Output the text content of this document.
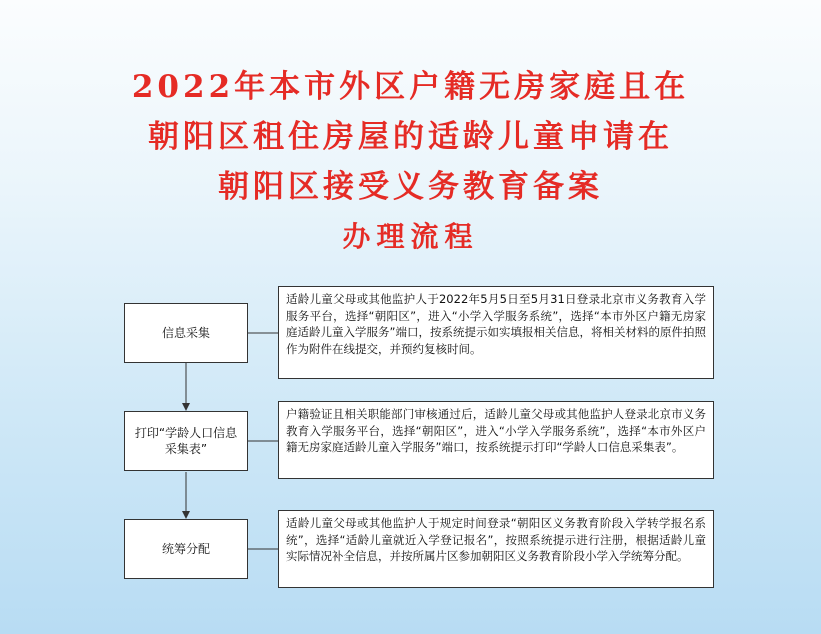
2022年本市外区户籍无房家庭且在
朝阳区租住房屋的适龄儿童申请在
朝阳区接受义务教育备案
办理流程
信息采集
适龄儿童父母或其他监护人于2022年5月5日至5月31日登录北京市义务教育入学服务平台，选择“朝阳区”，进入“小学入学服务系统”，选择“本市外区户籍无房家庭适龄儿童入学服务”端口，按系统提示如实填报相关信息，将相关材料的原件拍照作为附件在线提交，并预约复核时间。
打印“学龄人口信息采集表”
户籍验证且相关职能部门审核通过后，适龄儿童父母或其他监护人登录北京市义务教育入学服务平台，选择“朝阳区”，进入“小学入学服务系统”，选择“本市外区户籍无房家庭适龄儿童入学服务”端口，按系统提示打印“学龄人口信息采集表”。
统筹分配
适龄儿童父母或其他监护人于规定时间登录“朝阳区义务教育阶段入学转学报名系统”，选择“适龄儿童就近入学登记报名”，按照系统提示进行注册，根据适龄儿童实际情况补全信息，并按所属片区参加朝阳区义务教育阶段小学入学统筹分配。
